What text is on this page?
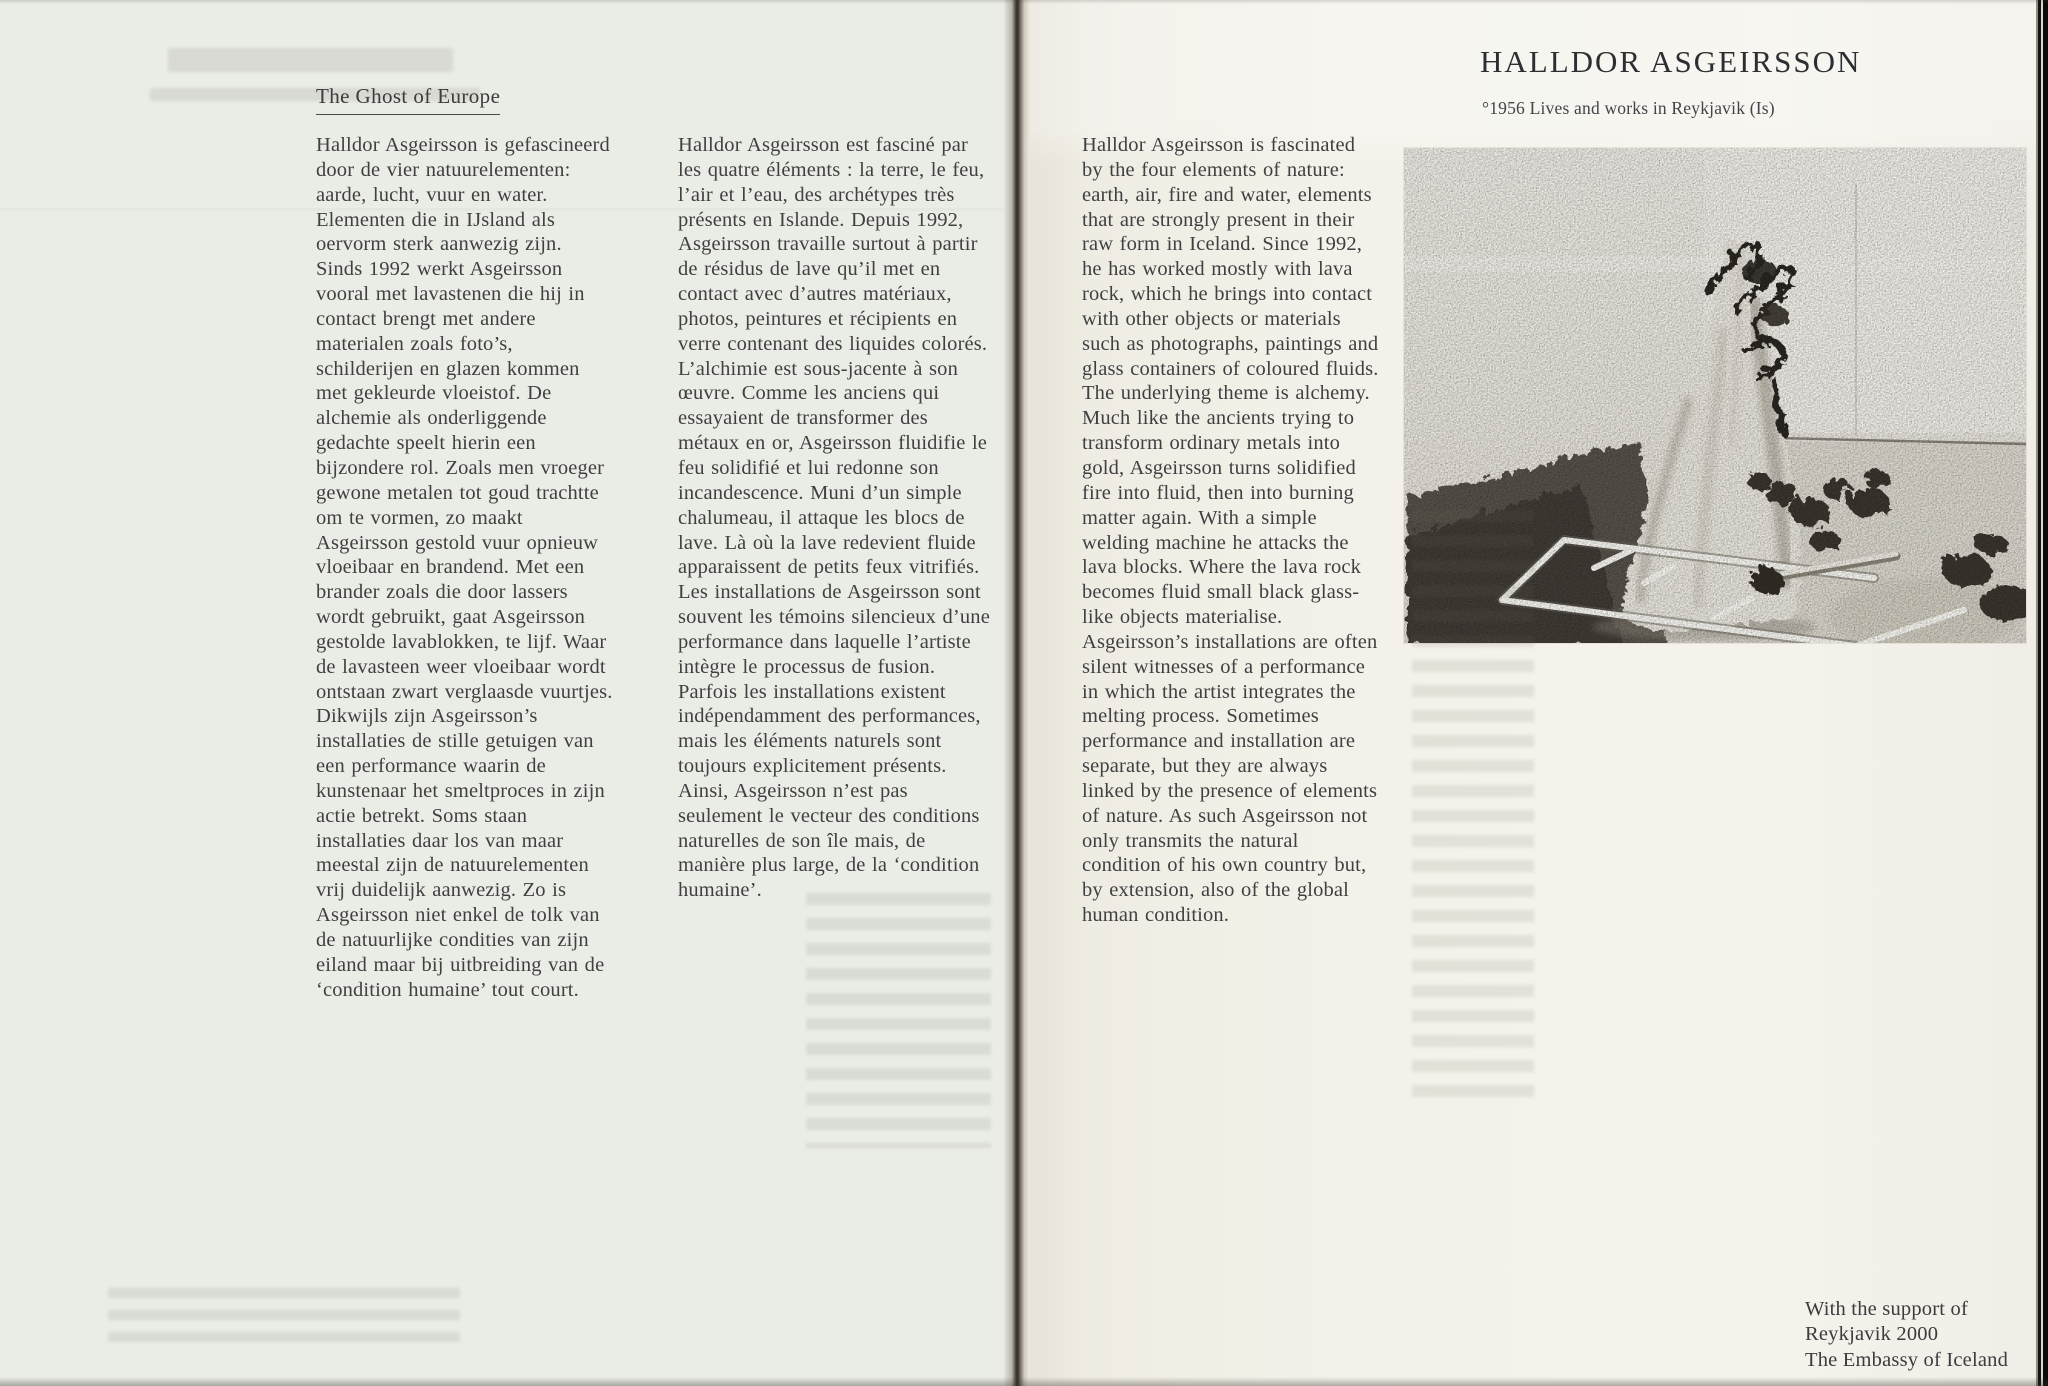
The Ghost of Europe
Halldor Asgeirsson is gefascineerd door de vier natuurelementen: aarde, lucht, vuur en water. Elementen die in IJsland als oervorm sterk aanwezig zijn. Sinds 1992 werkt Asgeirsson vooral met lavastenen die hij in contact brengt met andere materialen zoals foto’s, schilderijen en glazen kommen met gekleurde vloeistof. De alchemie als onderliggende gedachte speelt hierin een bijzondere rol. Zoals men vroeger gewone metalen tot goud trachtte om te vormen, zo maakt Asgeirsson gestold vuur opnieuw vloeibaar en brandend. Met een brander zoals die door lassers wordt gebruikt, gaat Asgeirsson gestolde lavablokken, te lijf. Waar de lavasteen weer vloeibaar wordt ontstaan zwart verglaasde vuurtjes. Dikwijls zijn Asgeirsson’s installaties de stille getuigen van een performance waarin de kunstenaar het smeltproces in zijn actie betrekt. Soms staan installaties daar los van maar meestal zijn de natuurelementen vrij duidelijk aanwezig. Zo is Asgeirsson niet enkel de tolk van de natuurlijke condities van zijn eiland maar bij uitbreiding van de ‘condition humaine’ tout court.
Halldor Asgeirsson est fasciné par les quatre éléments : la terre, le feu, l’air et l’eau, des archétypes très présents en Islande. Depuis 1992, Asgeirsson travaille surtout à partir de résidus de lave qu’il met en contact avec d’autres matériaux, photos, peintures et récipients en verre contenant des liquides colorés. L’alchimie est sous-jacente à son œuvre. Comme les anciens qui essayaient de transformer des métaux en or, Asgeirsson fluidifie le feu solidifié et lui redonne son incandescence. Muni d’un simple chalumeau, il attaque les blocs de lave. Là où la lave redevient fluide apparaissent de petits feux vitrifiés. Les installations de Asgeirsson sont souvent les témoins silencieux d’une performance dans laquelle l’artiste intègre le processus de fusion. Parfois les installations existent indépendamment des performances, mais les éléments naturels sont toujours explicitement présents. Ainsi, Asgeirsson n’est pas seulement le vecteur des conditions naturelles de son île mais, de manière plus large, de la ‘condition humaine’.
HALLDOR ASGEIRSSON
°1956 Lives and works in Reykjavik (Is)
Halldor Asgeirsson is fascinated by the four elements of nature: earth, air, fire and water, elements that are strongly present in their raw form in Iceland. Since 1992, he has worked mostly with lava rock, which he brings into contact with other objects or materials such as photographs, paintings and glass containers of coloured fluids. The underlying theme is alchemy. Much like the ancients trying to transform ordinary metals into gold, Asgeirsson turns solidified fire into fluid, then into burning matter again. With a simple welding machine he attacks the lava blocks. Where the lava rock becomes fluid small black glass-like objects materialise. Asgeirsson’s installations are often silent witnesses of a performance in which the artist integrates the melting process. Sometimes performance and installation are separate, but they are always linked by the presence of elements of nature. As such Asgeirsson not only transmits the natural condition of his own country but, by extension, also of the global human condition.
With the support of
Reykjavik 2000
The Embassy of Iceland
